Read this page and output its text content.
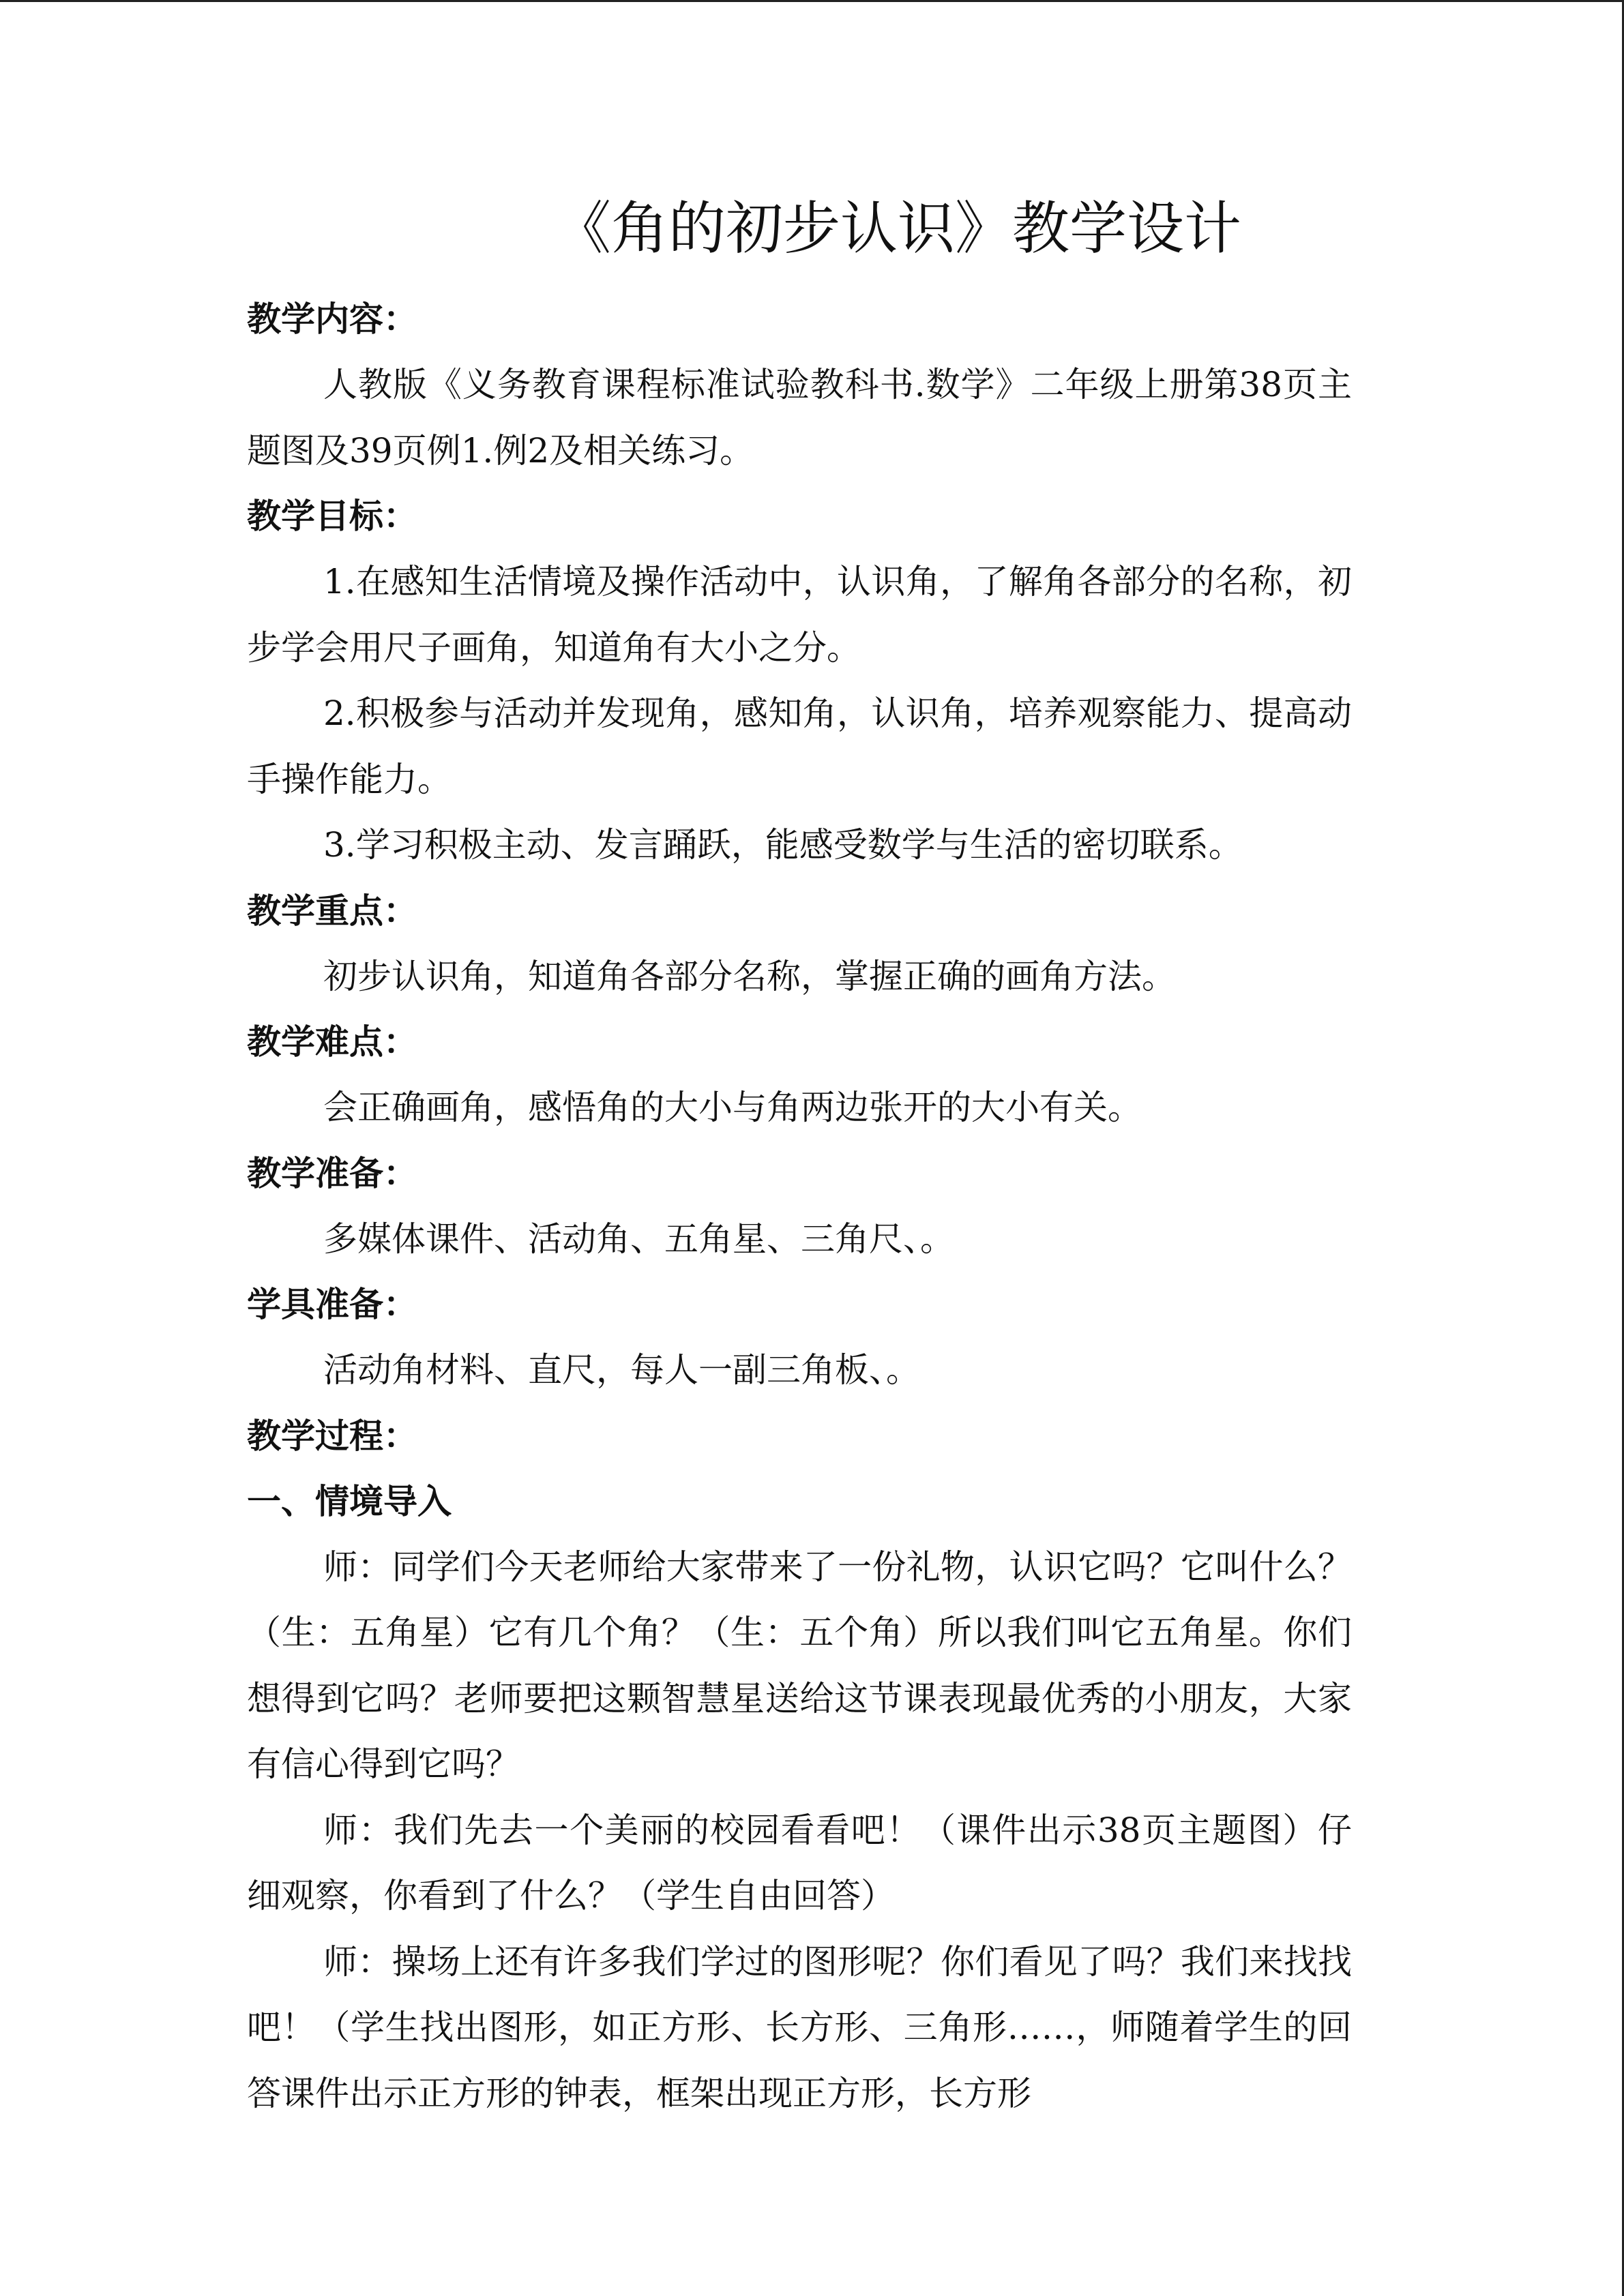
《角的初步认识》教学设计
教学内容：

人教版《义务教育课程标准试验教科书.数学》二年级上册第38页主题图及39页例1.例2及相关练习。

教学目标：

1.在感知生活情境及操作活动中，认识角，了解角各部分的名称，初步学会用尺子画角，知道角有大小之分。

2.积极参与活动并发现角，感知角，认识角，培养观察能力、提高动手操作能力。

3.学习积极主动、发言踊跃，能感受数学与生活的密切联系。

教学重点：

初步认识角，知道角各部分名称，掌握正确的画角方法。

教学难点：

会正确画角，感悟角的大小与角两边张开的大小有关。

教学准备：

多媒体课件、活动角、五角星、三角尺、。

学具准备：

活动角材料、直尺，每人一副三角板、。

教学过程：
一、情境导入

师：同学们今天老师给大家带来了一份礼物，认识它吗？它叫什么？（生：五角星）它有几个角？（生：五个角）所以我们叫它五角星。你们想得到它吗？老师要把这颗智慧星送给这节课表现最优秀的小朋友，大家有信心得到它吗？

师：我们先去一个美丽的校园看看吧！（课件出示38页主题图）仔细观察，你看到了什么？（学生自由回答）

师：操场上还有许多我们学过的图形呢？你们看见了吗？我们来找找吧！（学生找出图形，如正方形、长方形、三角形……，师随着学生的回答课件出示正方形的钟表，框架出现正方形，长方形
